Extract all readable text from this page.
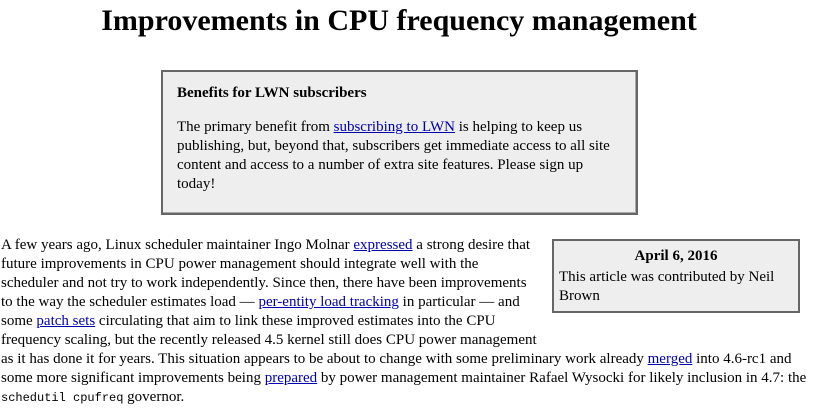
Improvements in CPU frequency management
Benefits for LWN subscribers

The primary benefit from subscribing to LWN is helping to keep us publishing, but, beyond that, subscribers get immediate access to all site content and access to a number of extra site features. Please sign up today!

April 6, 2016
This article was contributed by Neil Brown

A few years ago, Linux scheduler maintainer Ingo Molnar expressed a strong desire that future improvements in CPU power management should integrate well with the scheduler and not try to work independently. Since then, there have been improvements to the way the scheduler estimates load — per-entity load tracking in particular — and some patch sets circulating that aim to link these improved estimates into the CPU frequency scaling, but the recently released 4.5 kernel still does CPU power management as it has done it for years. This situation appears to be about to change with some preliminary work already merged into 4.6-rc1 and some more significant improvements being prepared by power management maintainer Rafael Wysocki for likely inclusion in 4.7: the schedutil cpufreq governor.
